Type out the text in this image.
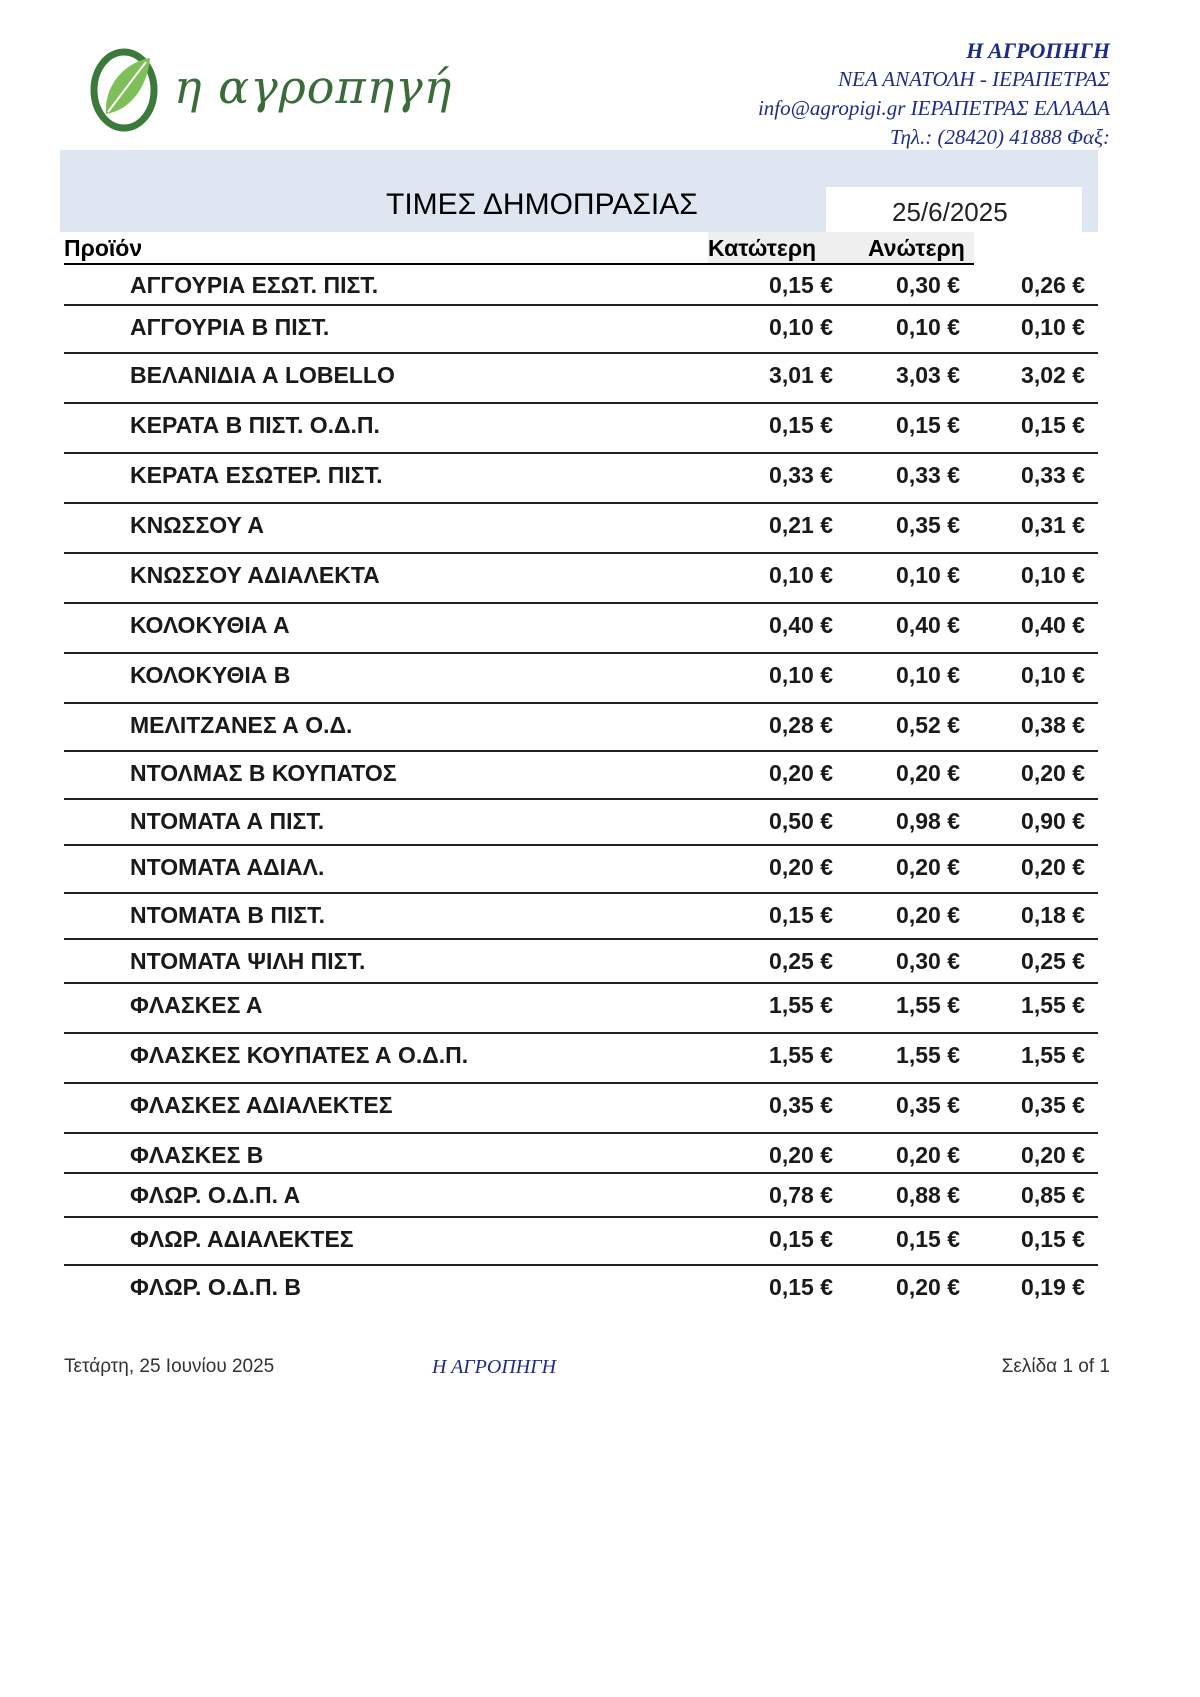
η αγροπηγή
Η ΑΓΡΟΠΗΓΗ
ΝΕΑ ΑΝΑΤΟΛΗ - ΙΕΡΑΠΕΤΡΑΣ
info@agropigi.gr ΙΕΡΑΠΕΤΡΑΣ ΕΛΛΑΔΑ
Τηλ.: (28420) 41888 Φαξ:
ΤΙΜΕΣ ΔΗΜΟΠΡΑΣΙΑΣ	25/6/2025
Προϊόν	Κατώτερη	Ανώτερη
ΑΓΓΟΥΡΙΑ ΕΣΩΤ. ΠΙΣΤ.	0,15 €	0,30 €	0,26 €
ΑΓΓΟΥΡΙΑ Β ΠΙΣΤ.	0,10 €	0,10 €	0,10 €
ΒΕΛΑΝΙΔΙΑ Α LOBELLO	3,01 €	3,03 €	3,02 €
ΚΕΡΑΤΑ Β ΠΙΣΤ. Ο.Δ.Π.	0,15 €	0,15 €	0,15 €
ΚΕΡΑΤΑ ΕΣΩΤΕΡ. ΠΙΣΤ.	0,33 €	0,33 €	0,33 €
ΚΝΩΣΣΟΥ Α	0,21 €	0,35 €	0,31 €
ΚΝΩΣΣΟΥ ΑΔΙΑΛΕΚΤΑ	0,10 €	0,10 €	0,10 €
ΚΟΛΟΚΥΘΙΑ Α	0,40 €	0,40 €	0,40 €
ΚΟΛΟΚΥΘΙΑ Β	0,10 €	0,10 €	0,10 €
ΜΕΛΙΤΖΑΝΕΣ Α Ο.Δ.	0,28 €	0,52 €	0,38 €
ΝΤΟΛΜΑΣ Β ΚΟΥΠΑΤΟΣ	0,20 €	0,20 €	0,20 €
ΝΤΟΜΑΤΑ Α ΠΙΣΤ.	0,50 €	0,98 €	0,90 €
ΝΤΟΜΑΤΑ ΑΔΙΑΛ.	0,20 €	0,20 €	0,20 €
ΝΤΟΜΑΤΑ Β ΠΙΣΤ.	0,15 €	0,20 €	0,18 €
ΝΤΟΜΑΤΑ ΨΙΛΗ ΠΙΣΤ.	0,25 €	0,30 €	0,25 €
ΦΛΑΣΚΕΣ Α	1,55 €	1,55 €	1,55 €
ΦΛΑΣΚΕΣ ΚΟΥΠΑΤΕΣ Α Ο.Δ.Π.	1,55 €	1,55 €	1,55 €
ΦΛΑΣΚΕΣ ΑΔΙΑΛΕΚΤΕΣ	0,35 €	0,35 €	0,35 €
ΦΛΑΣΚΕΣ Β	0,20 €	0,20 €	0,20 €
ΦΛΩΡ. Ο.Δ.Π. Α	0,78 €	0,88 €	0,85 €
ΦΛΩΡ. ΑΔΙΑΛΕΚΤΕΣ	0,15 €	0,15 €	0,15 €
ΦΛΩΡ. Ο.Δ.Π. Β	0,15 €	0,20 €	0,19 €
Τετάρτη, 25 Ιουνίου 2025	Η ΑΓΡΟΠΗΓΗ	Σελίδα 1 of 1
